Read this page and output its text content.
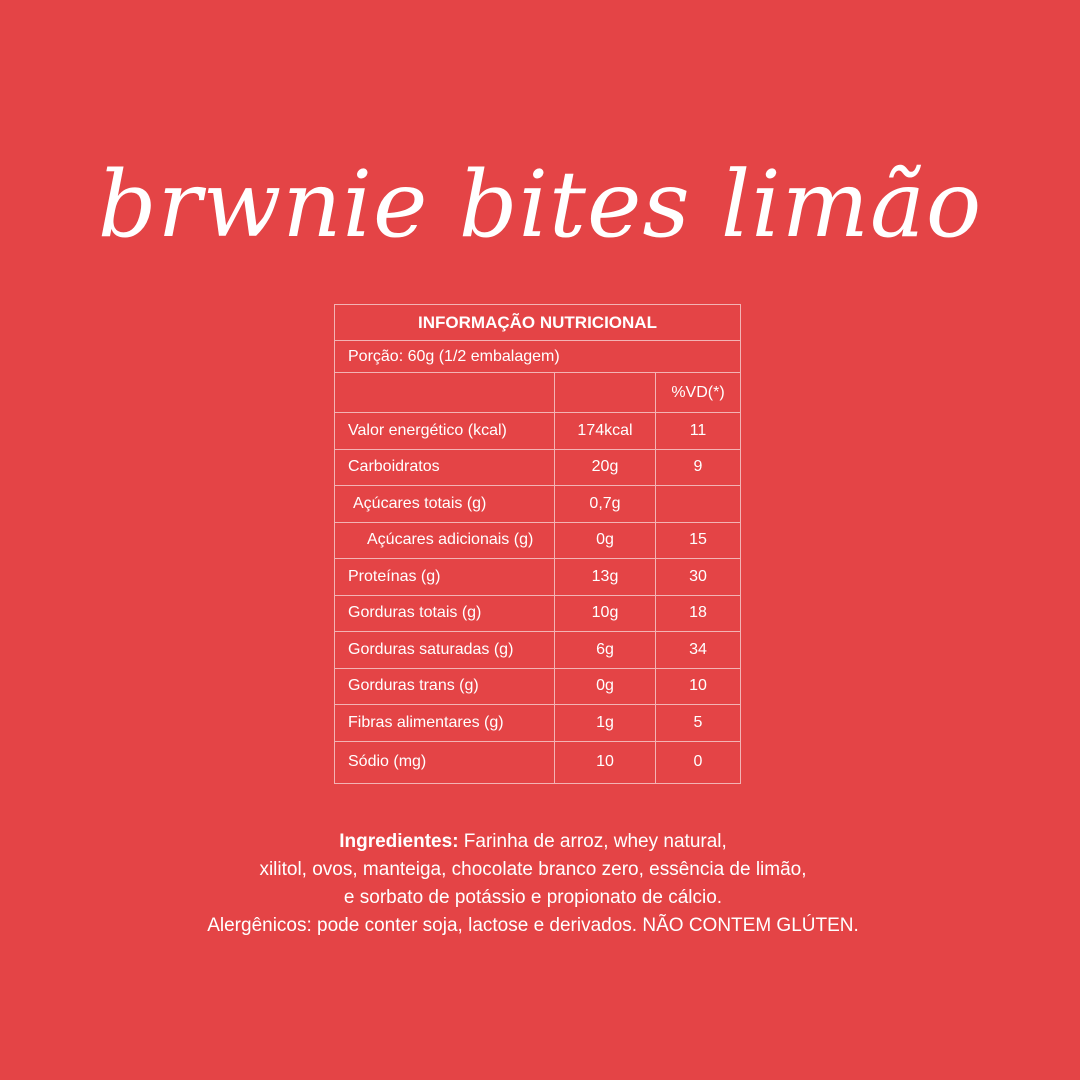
brwnie bites limão
INFORMAÇÃO NUTRICIONAL		
Porção: 60g (1/2 embalagem)		
		%VD(*)
Valor energético (kcal)	174kcal	11
Carboidratos	20g	9
Açúcares totais (g)	0,7g	
Açúcares adicionais (g)	0g	15
Proteínas (g)	13g	30
Gorduras totais (g)	10g	18
Gorduras saturadas (g)	6g	34
Gorduras trans (g)	0g	10
Fibras alimentares (g)	1g	5
Sódio (mg)	10	0
Ingredientes: Farinha de arroz, whey natural,
xilitol, ovos, manteiga, chocolate branco zero, essência de limão,
e sorbato de potássio e propionato de cálcio.
Alergênicos: pode conter soja, lactose e derivados. NÃO CONTEM GLÚTEN.
